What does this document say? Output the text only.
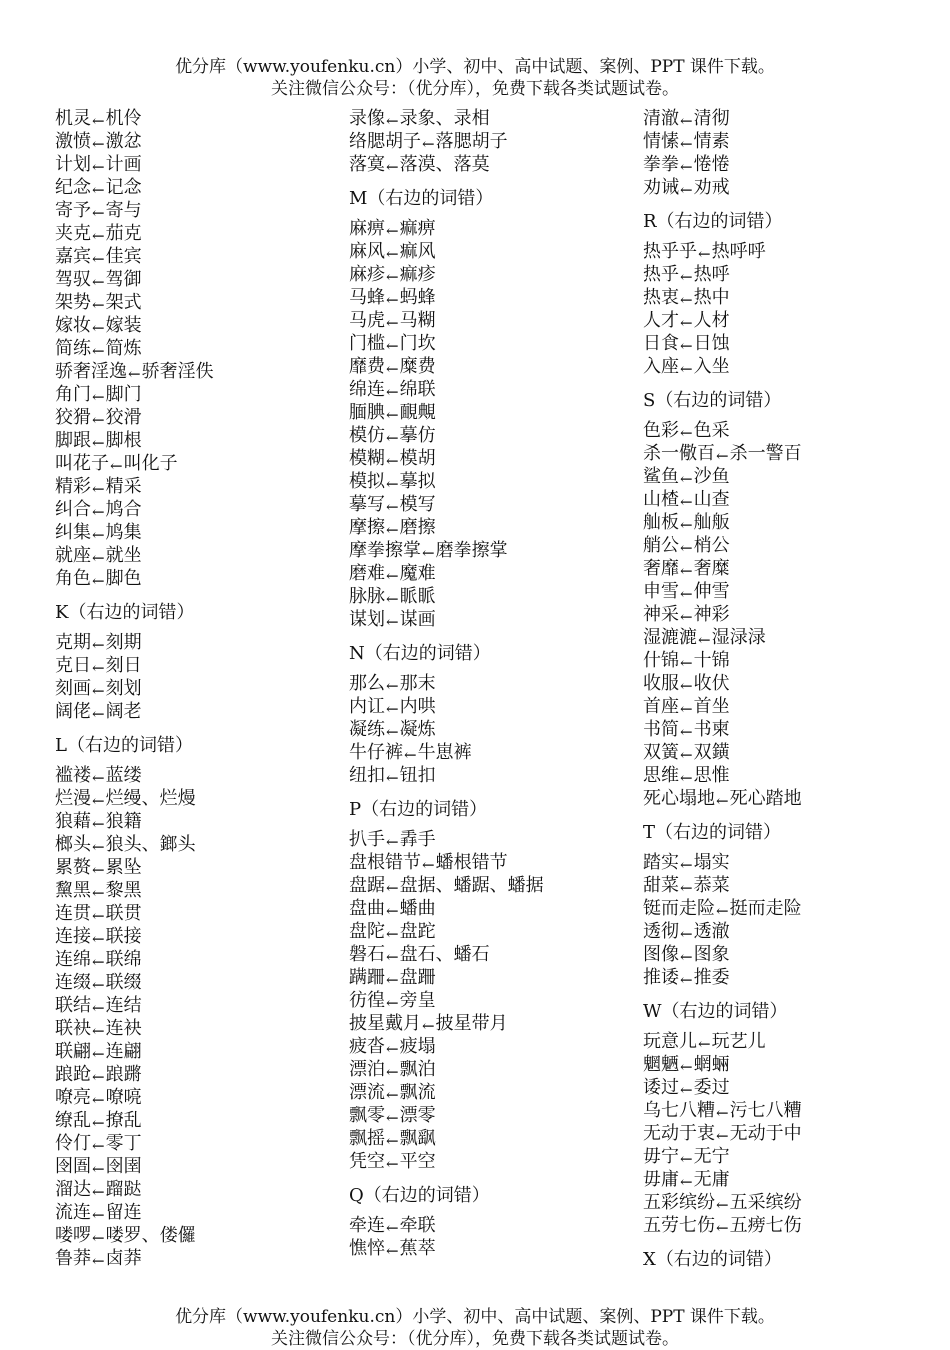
优分库（www.youfenku.cn）小学、初中、高中试题、案例、PPT 课件下载。
关注微信公众号：（优分库），免费下载各类试题试卷。
机灵←机伶
激愤←激忿
计划←计画
纪念←记念
寄予←寄与
夹克←茄克
嘉宾←佳宾
驾驭←驾御
架势←架式
嫁妆←嫁装
简练←简炼
骄奢淫逸←骄奢淫佚
角门←脚门
狡猾←狡滑
脚跟←脚根
叫花子←叫化子
精彩←精采
纠合←鸠合
纠集←鸠集
就座←就坐
角色←脚色
K（右边的词错）
克期←刻期
克日←刻日
刻画←刻划
阔佬←阔老
L（右边的词错）
褴褛←蓝缕
烂漫←烂缦、烂熳
狼藉←狼籍
榔头←狼头、鎯头
累赘←累坠
黧黑←黎黑
连贯←联贯
连接←联接
连绵←联绵
连缀←联缀
联结←连结
联袂←连袂
联翩←连翩
踉跄←踉蹡
嘹亮←嘹喨
缭乱←撩乱
伶仃←零丁
囹圄←囹圉
溜达←蹓跶
流连←留连
喽啰←喽罗、偻儸
鲁莽←卤莽
录像←录象、录相
络腮胡子←落腮胡子
落寞←落漠、落莫
M（右边的词错）
麻痹←痲痹
麻风←痲风
麻疹←痲疹
马蜂←蚂蜂
马虎←马糊
门槛←门坎
靡费←糜费
绵连←绵联
腼腆←靦覥
模仿←摹仿
模糊←模胡
模拟←摹拟
摹写←模写
摩擦←磨擦
摩拳擦掌←磨拳擦掌
磨难←魔难
脉脉←眽眽
谋划←谋画
N（右边的词错）
那么←那末
内讧←内哄
凝练←凝炼
牛仔裤←牛崽裤
纽扣←钮扣
P（右边的词错）
扒手←掱手
盘根错节←蟠根错节
盘踞←盘据、蟠踞、蟠据
盘曲←蟠曲
盘陀←盘跎
磐石←盘石、蟠石
蹒跚←盘跚
彷徨←旁皇
披星戴月←披星带月
疲沓←疲塌
漂泊←飘泊
漂流←飘流
飘零←漂零
飘摇←飘飖
凭空←平空
Q（右边的词错）
牵连←牵联
憔悴←蕉萃
清澈←清彻
情愫←情素
拳拳←惓惓
劝诫←劝戒
R（右边的词错）
热乎乎←热呼呼
热乎←热呼
热衷←热中
人才←人材
日食←日蚀
入座←入坐
S（右边的词错）
色彩←色采
杀一儆百←杀一警百
鲨鱼←沙鱼
山楂←山查
舢板←舢舨
艄公←梢公
奢靡←奢糜
申雪←伸雪
神采←神彩
湿漉漉←湿渌渌
什锦←十锦
收服←收伏
首座←首坐
书简←书柬
双簧←双鐄
思维←思惟
死心塌地←死心踏地
T（右边的词错）
踏实←塌实
甜菜←菾菜
铤而走险←挺而走险
透彻←透澈
图像←图象
推诿←推委
W（右边的词错）
玩意儿←玩艺儿
魍魉←蝄蜽
诿过←委过
乌七八糟←污七八糟
无动于衷←无动于中
毋宁←无宁
毋庸←无庸
五彩缤纷←五采缤纷
五劳七伤←五痨七伤
X（右边的词错）
优分库（www.youfenku.cn）小学、初中、高中试题、案例、PPT 课件下载。
关注微信公众号：（优分库），免费下载各类试题试卷。
